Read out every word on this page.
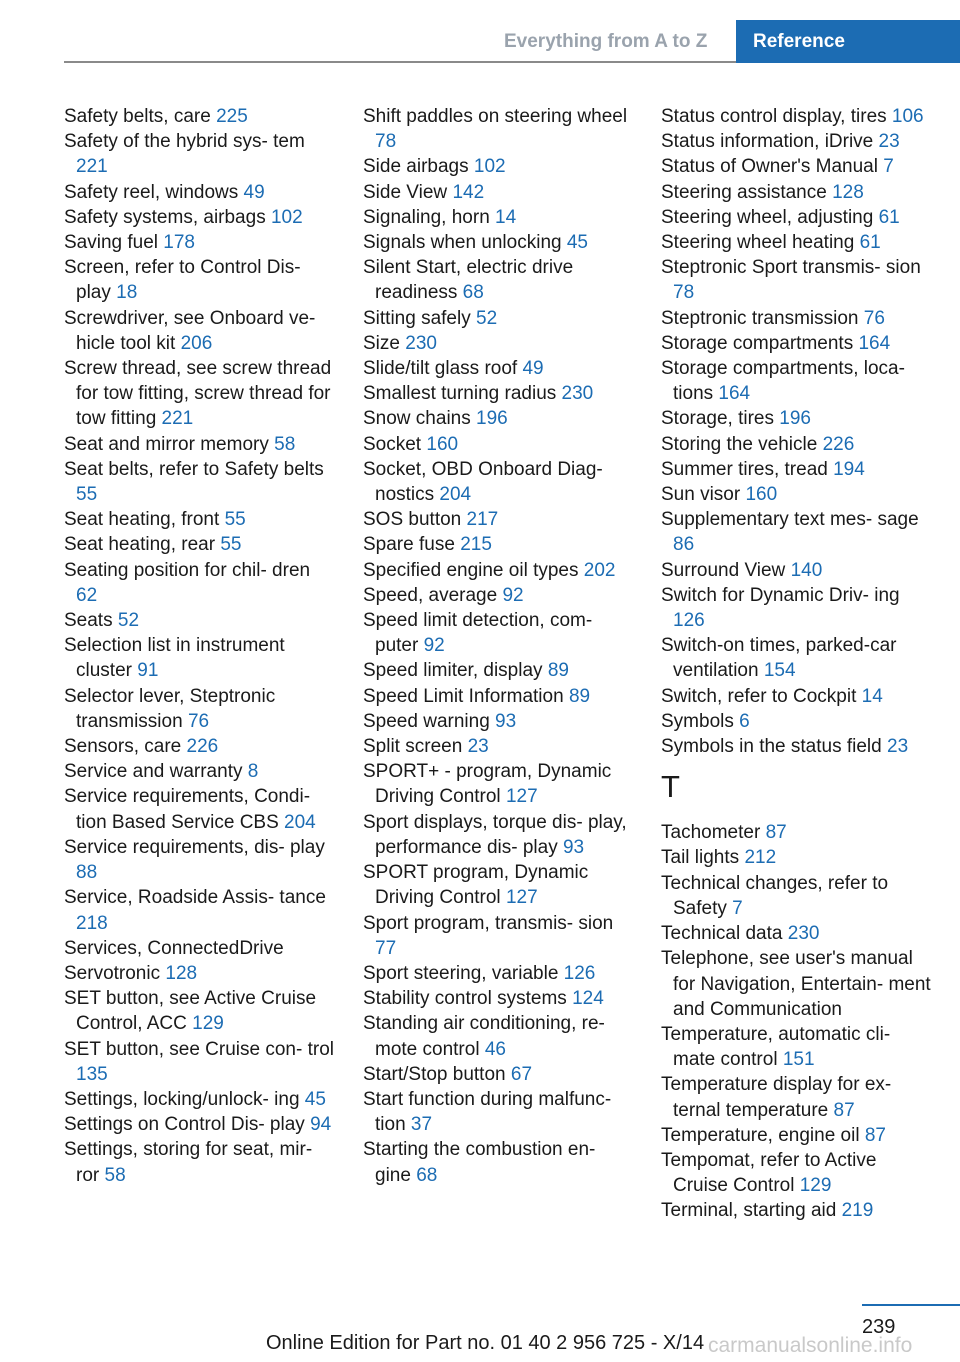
Everything from A to Z	Reference
Safety belts, care 225
Safety of the hybrid sys- tem 221
Safety reel, windows 49
Safety systems, airbags 102
Saving fuel 178
Screen, refer to Control Dis- play 18
Screwdriver, see Onboard ve- hicle tool kit 206
Screw thread, see screw thread for tow fitting, screw thread for tow fitting 221
Seat and mirror memory 58
Seat belts, refer to Safety belts 55
Seat heating, front 55
Seat heating, rear 55
Seating position for chil- dren 62
Seats 52
Selection list in instrument cluster 91
Selector lever, Steptronic transmission 76
Sensors, care 226
Service and warranty 8
Service requirements, Condi- tion Based Service CBS 204
Service requirements, dis- play 88
Service, Roadside Assis- tance 218
Services, ConnectedDrive
Servotronic 128
SET button, see Active Cruise Control, ACC 129
SET button, see Cruise con- trol 135
Settings, locking/unlock- ing 45
Settings on Control Dis- play 94
Settings, storing for seat, mir- ror 58
Shift paddles on steering wheel 78
Side airbags 102
Side View 142
Signaling, horn 14
Signals when unlocking 45
Silent Start, electric drive readiness 68
Sitting safely 52
Size 230
Slide/tilt glass roof 49
Smallest turning radius 230
Snow chains 196
Socket 160
Socket, OBD Onboard Diag- nostics 204
SOS button 217
Spare fuse 215
Specified engine oil types 202
Speed, average 92
Speed limit detection, com- puter 92
Speed limiter, display 89
Speed Limit Information 89
Speed warning 93
Split screen 23
SPORT+ - program, Dynamic Driving Control 127
Sport displays, torque dis- play, performance dis- play 93
SPORT program, Dynamic Driving Control 127
Sport program, transmis- sion 77
Sport steering, variable 126
Stability control systems 124
Standing air conditioning, re- mote control 46
Start/Stop button 67
Start function during malfunc- tion 37
Starting the combustion en- gine 68
Status control display, tires 106
Status information, iDrive 23
Status of Owner's Manual 7
Steering assistance 128
Steering wheel, adjusting 61
Steering wheel heating 61
Steptronic Sport transmis- sion 78
Steptronic transmission 76
Storage compartments 164
Storage compartments, loca- tions 164
Storage, tires 196
Storing the vehicle 226
Summer tires, tread 194
Sun visor 160
Supplementary text mes- sage 86
Surround View 140
Switch for Dynamic Driv- ing 126
Switch-on times, parked-car ventilation 154
Switch, refer to Cockpit 14
Symbols 6
Symbols in the status field 23
T
Tachometer 87
Tail lights 212
Technical changes, refer to Safety 7
Technical data 230
Telephone, see user's manual for Navigation, Entertain- ment and Communication
Temperature, automatic cli- mate control 151
Temperature display for ex- ternal temperature 87
Temperature, engine oil 87
Tempomat, refer to Active Cruise Control 129
Terminal, starting aid 219
239
Online Edition for Part no. 01 40 2 956 725 - X/14 carmanualsonline.info
